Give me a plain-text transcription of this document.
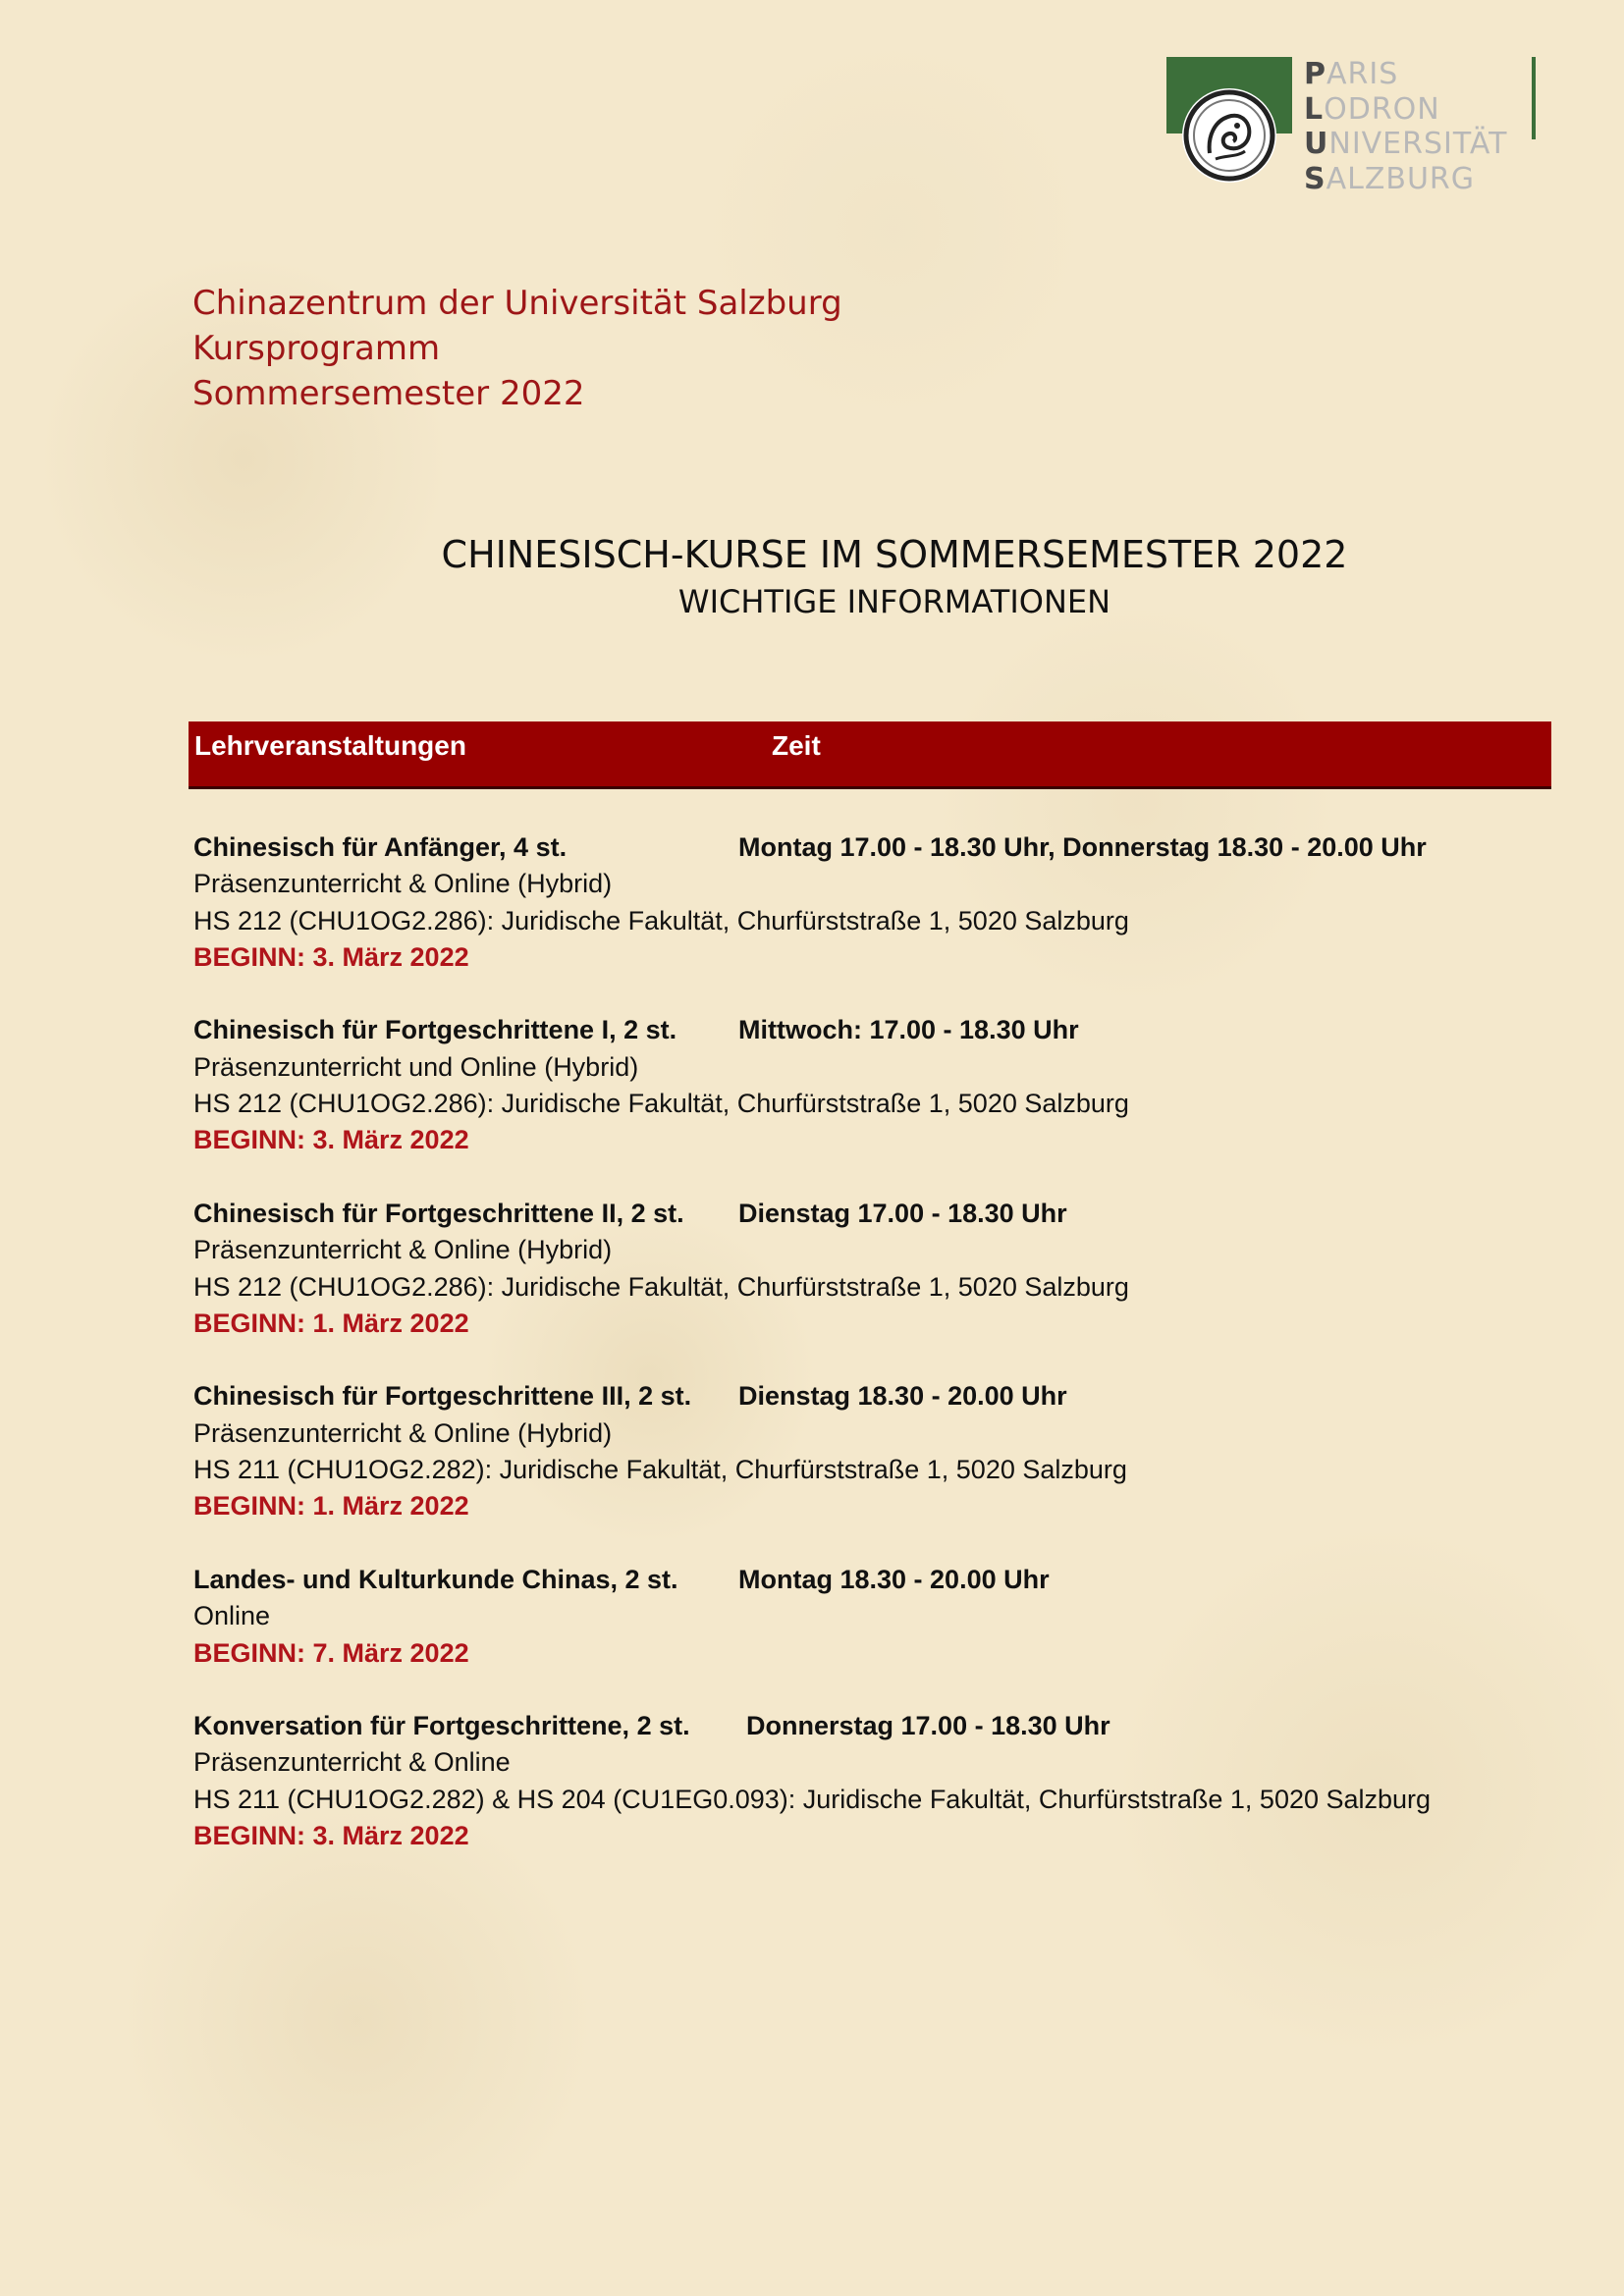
PARIS
LODRON
UNIVERSITÄT
SALZBURG
Chinazentrum der Universität Salzburg
Kursprogramm
Sommersemester 2022
CHINESISCH-KURSE IM SOMMERSEMESTER 2022
WICHTIGE INFORMATIONEN
Lehrveranstaltungen	Zeit
Chinesisch für Anfänger, 4 st.	Montag 17.00 - 18.30 Uhr, Donnerstag 18.30 - 20.00 Uhr
Präsenzunterricht & Online (Hybrid)
HS 212 (CHU1OG2.286): Juridische Fakultät, Churfürststraße 1, 5020 Salzburg
BEGINN: 3. März 2022
Chinesisch für Fortgeschrittene I, 2 st. Mittwoch: 17.00 - 18.30 Uhr
Präsenzunterricht und Online (Hybrid)
HS 212 (CHU1OG2.286): Juridische Fakultät, Churfürststraße 1, 5020 Salzburg
BEGINN: 3. März 2022
Chinesisch für Fortgeschrittene II, 2 st. Dienstag 17.00 - 18.30 Uhr
Präsenzunterricht & Online (Hybrid)
HS 212 (CHU1OG2.286): Juridische Fakultät, Churfürststraße 1, 5020 Salzburg
BEGINN: 1. März 2022
Chinesisch für Fortgeschrittene III, 2 st. Dienstag 18.30 - 20.00 Uhr
Präsenzunterricht & Online (Hybrid)
HS 211 (CHU1OG2.282): Juridische Fakultät, Churfürststraße 1, 5020 Salzburg
BEGINN: 1. März 2022
Landes- und Kulturkunde Chinas, 2 st. Montag 18.30 - 20.00 Uhr
Online
BEGINN: 7. März 2022
Konversation für Fortgeschrittene, 2 st. Donnerstag 17.00 - 18.30 Uhr
Präsenzunterricht & Online
HS 211 (CHU1OG2.282) & HS 204 (CU1EG0.093): Juridische Fakultät, Churfürststraße 1, 5020 Salzburg
BEGINN: 3. März 2022
